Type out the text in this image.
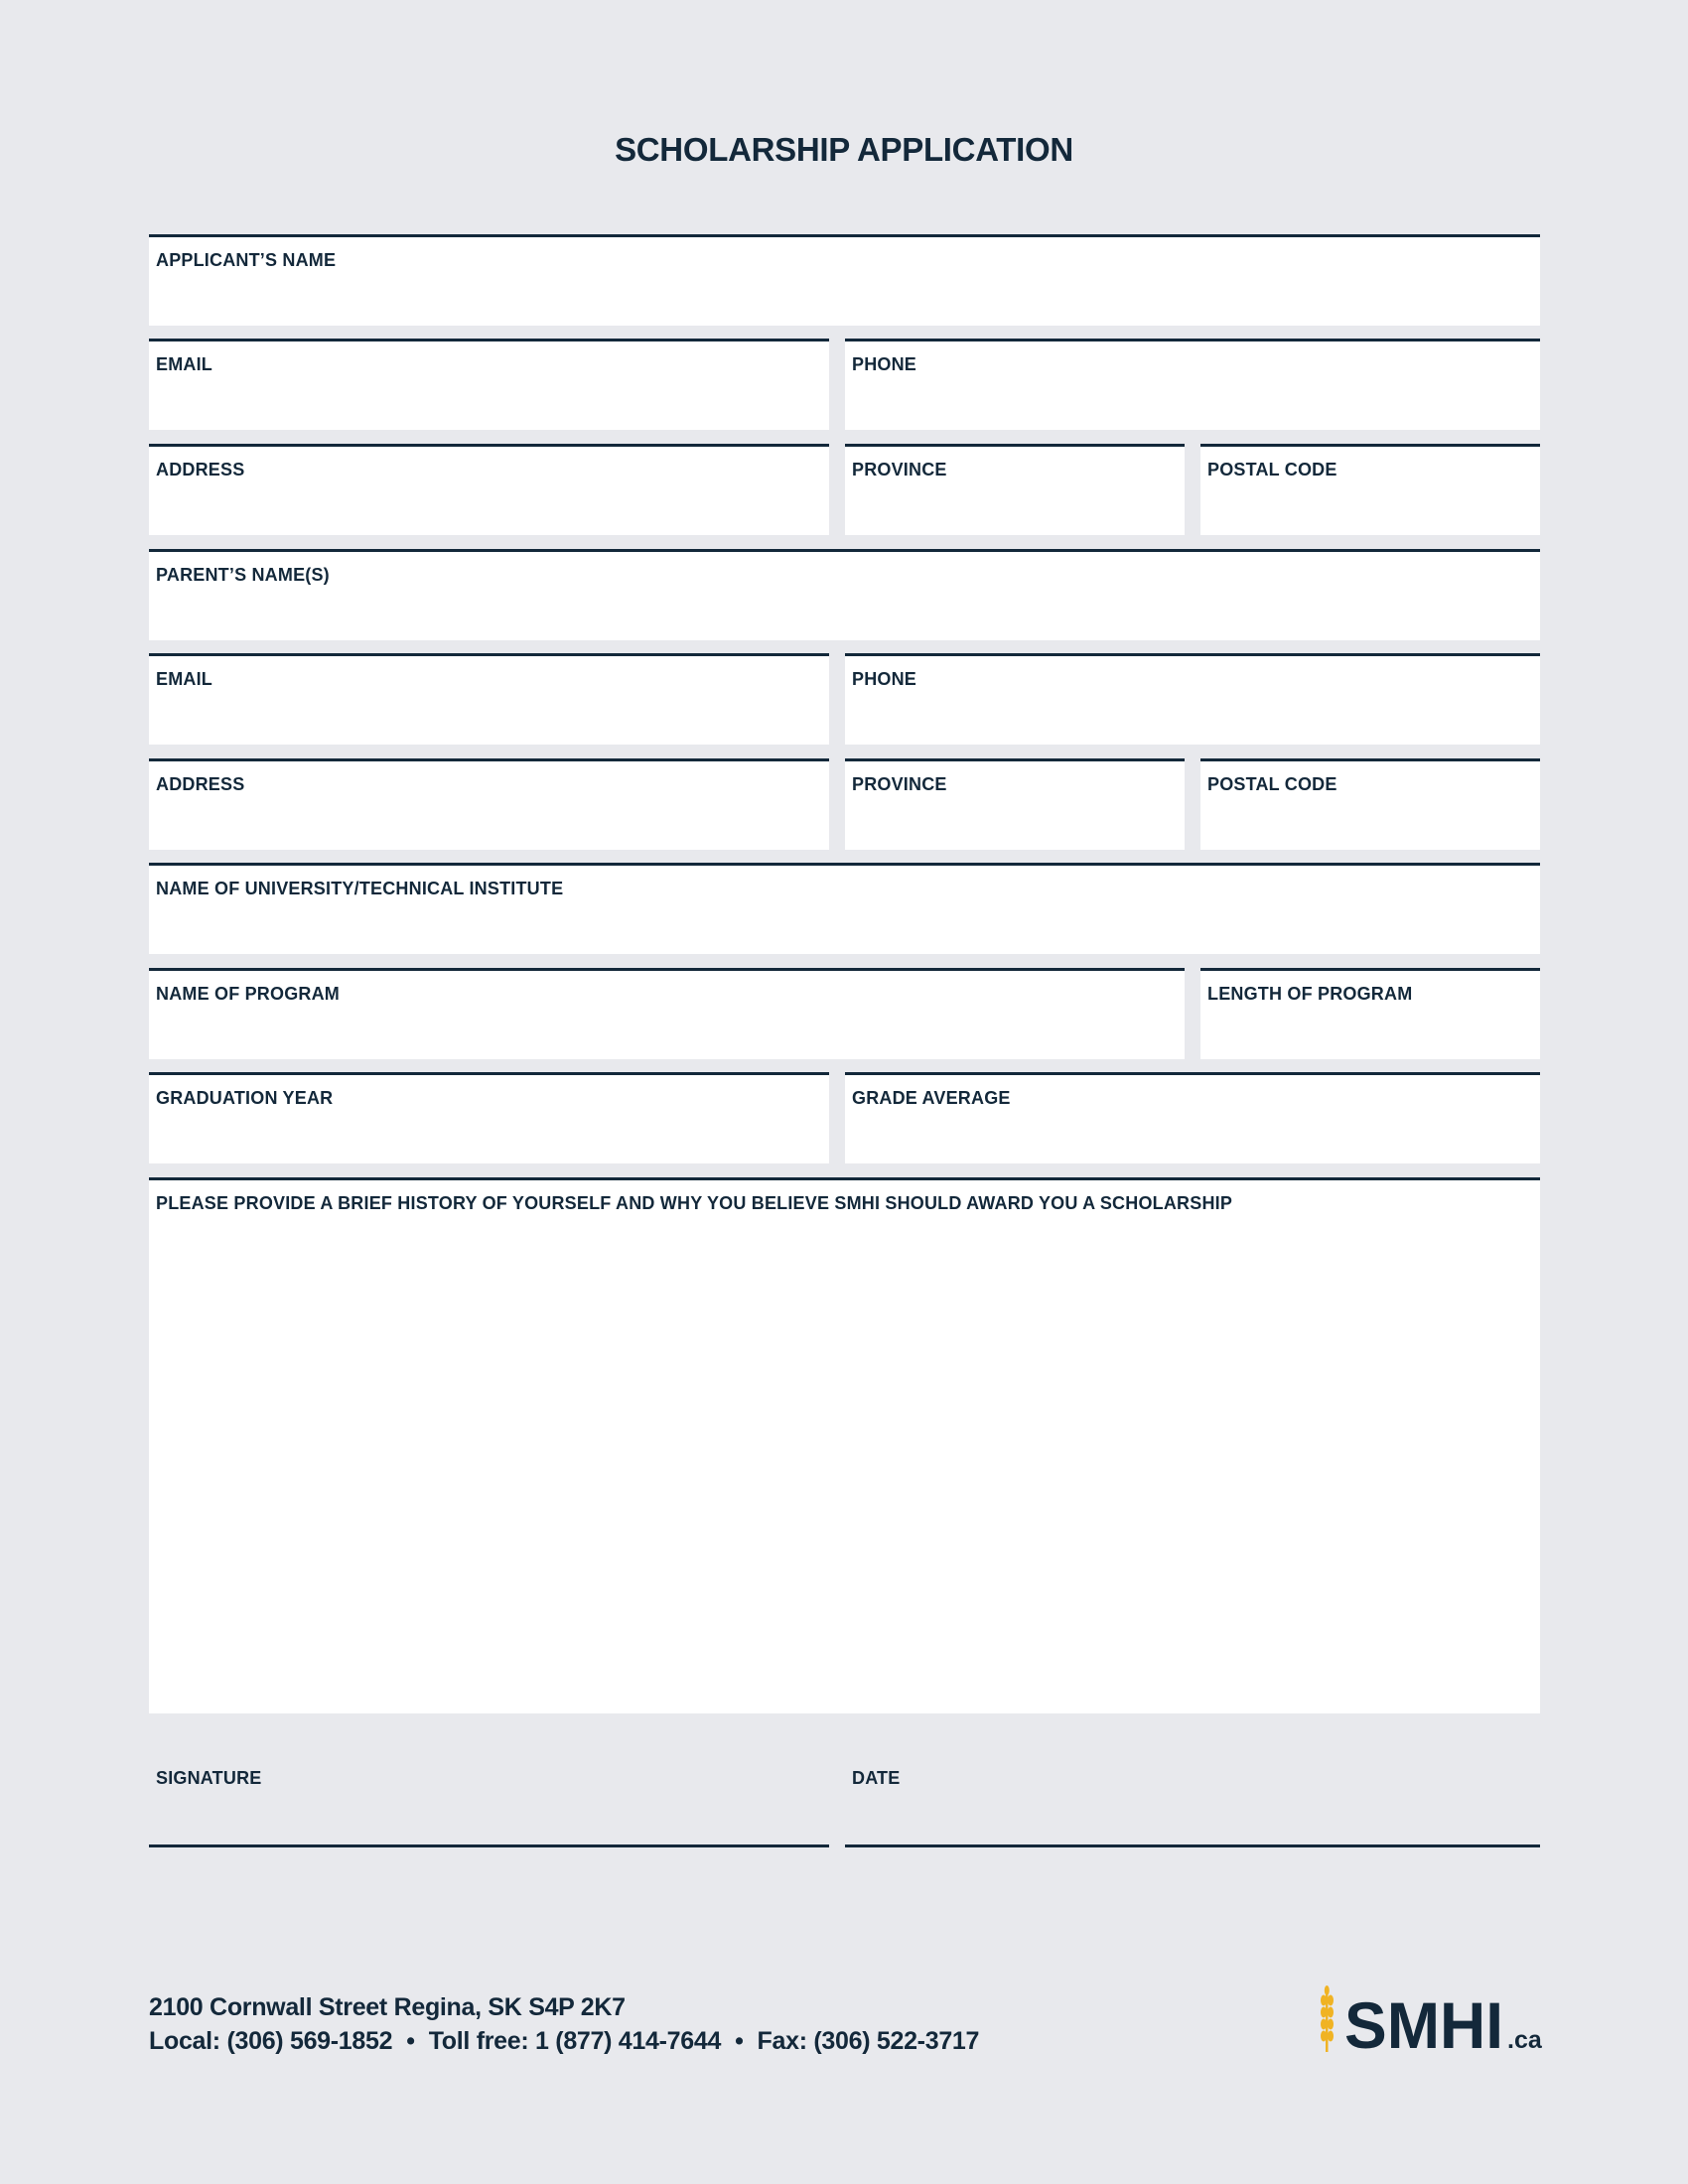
SCHOLARSHIP APPLICATION
APPLICANT’S NAME
EMAIL	PHONE
ADDRESS	PROVINCE	POSTAL CODE
PARENT’S NAME(S)
EMAIL	PHONE
ADDRESS	PROVINCE	POSTAL CODE
NAME OF UNIVERSITY/TECHNICAL INSTITUTE
NAME OF PROGRAM	LENGTH OF PROGRAM
GRADUATION YEAR	GRADE AVERAGE
PLEASE PROVIDE A BRIEF HISTORY OF YOURSELF AND WHY YOU BELIEVE SMHI SHOULD AWARD YOU A SCHOLARSHIP
SIGNATURE	DATE
2100 Cornwall Street Regina, SK S4P 2K7
Local: (306) 569-1852 • Toll free: 1 (877) 414-7644 • Fax: (306) 522-3717	SMHI .ca
